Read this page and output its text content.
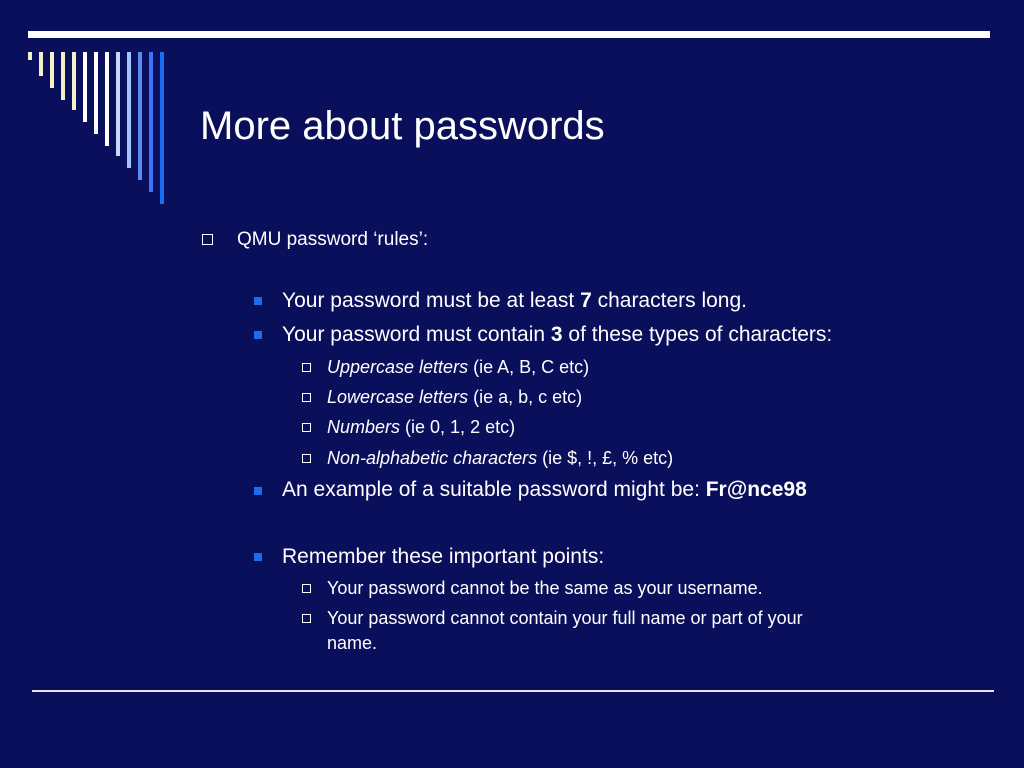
More about passwords
QMU password ‘rules’:
Your password must be at least 7 characters long.
Your password must contain 3 of these types of characters:
Uppercase letters (ie A, B, C etc)
Lowercase letters (ie a, b, c etc)
Numbers (ie 0, 1, 2 etc)
Non-alphabetic characters (ie $, !, £, % etc)
An example of a suitable password might be: Fr@nce98
Remember these important points:
Your password cannot be the same as your username.
Your password cannot contain your full name or part of your
name.
